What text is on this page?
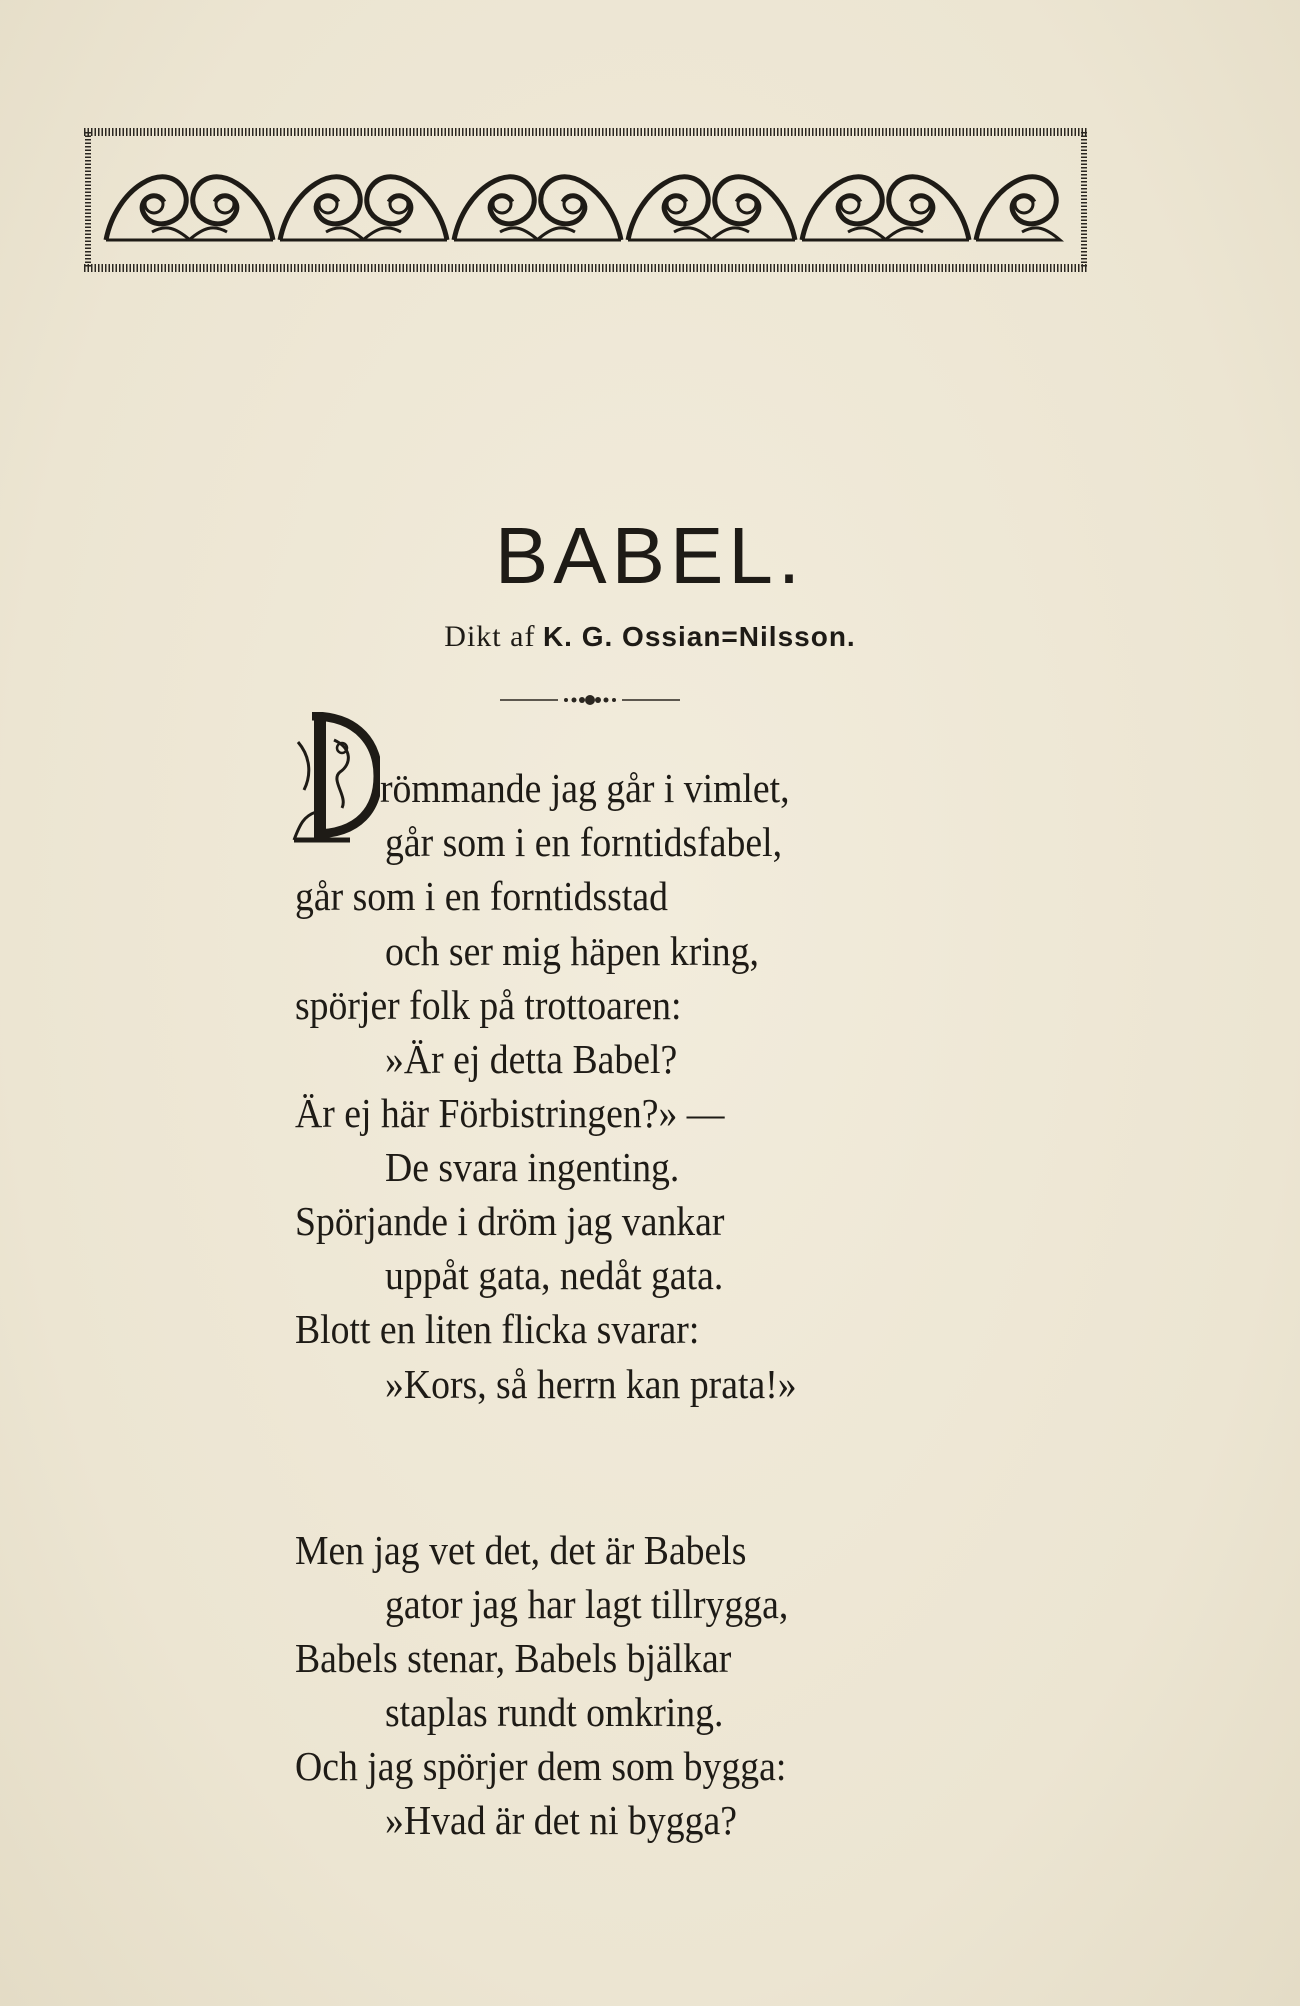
BABEL.
Dikt af K. G. Ossian=Nilsson.
römmande jag går i vimlet,
går som i en forntidsfabel,
går som i en forntidsstad
och ser mig häpen kring,
spörjer folk på trottoaren:
»Är ej detta Babel?
Är ej här Förbistringen?» —
De svara ingenting.
Spörjande i dröm jag vankar
uppåt gata, nedåt gata.
Blott en liten flicka svarar:
»Kors, så herrn kan prata!»
Men jag vet det, det är Babels
gator jag har lagt tillrygga,
Babels stenar, Babels bjälkar
staplas rundt omkring.
Och jag spörjer dem som bygga:
»Hvad är det ni bygga?
